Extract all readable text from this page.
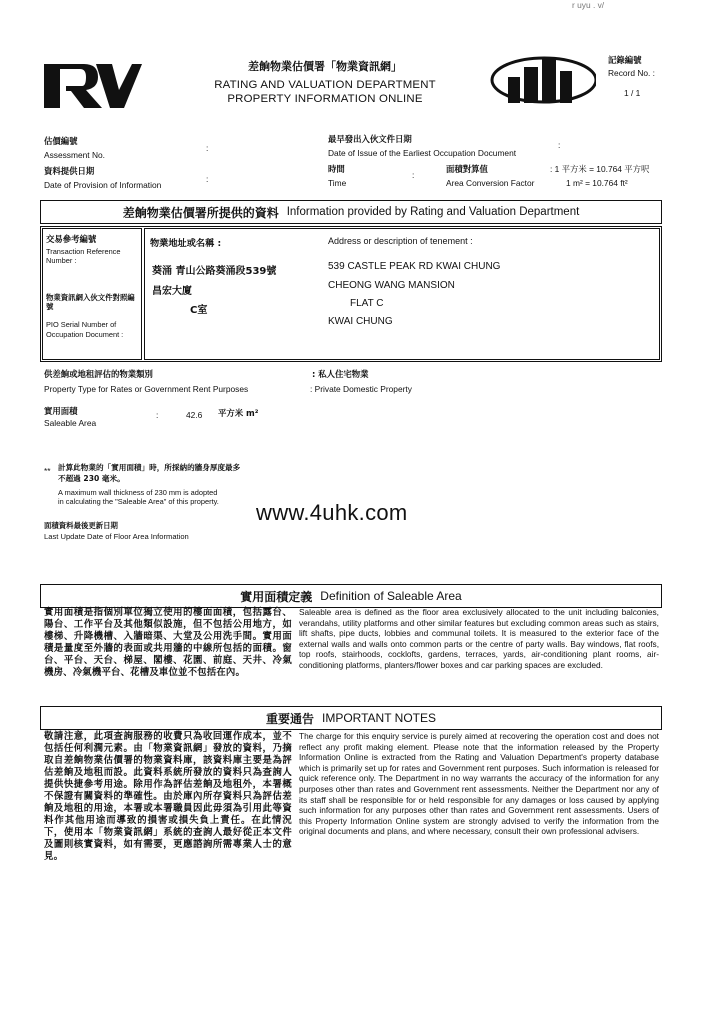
r uyu . v/
差餉物業估價署「物業資訊網」
RATING AND VALUATION DEPARTMENT
PROPERTY INFORMATION ONLINE
記錄編號
Record No. :
1 / 1
估價編號
Assessment No.
:
資料提供日期
Date of Provision of Information
:
最早發出入伙文件日期
Date of Issue of the Earliest Occupation Document
:
時間
Time
:
面積對算值
Area Conversion Factor
: 1 平方米 = 10.764 平方呎
1 m² = 10.764 ft²
差餉物業估價署所提供的資料 Information provided by Rating and Valuation Department
交易參考編號
Transaction Reference Number :
物業資訊網入伙文件對照編號
PIO Serial Number of Occupation Document :
物業地址或名稱 :	Address or description of tenement :
葵涌 青山公路葵涌段539號
昌宏大廈
C室
539 CASTLE PEAK RD KWAI CHUNG
CHEONG WANG MANSION
FLAT C
KWAI CHUNG
供差餉或地租評估的物業類別
Property Type for Rates or Government Rent Purposes
: 私人住宅物業
: Private Domestic Property
實用面積
Saleable Area
:	42.6 平方米 m²
** 計算此物業的「實用面積」時，所採納的牆身厚度最多
不超過 230 毫米。
A maximum wall thickness of 230 mm is adopted
in calculating the "Saleable Area" of this property. www.4uhk.com
面積資料最後更新日期
Last Update Date of Floor Area Information
實用面積定義 Definition of Saleable Area
實用面積是指個別單位獨立使用的樓面面積，包括露台、陽台、工作平台及其他類似設施，但不包括公用地方，如樓梯、升降機槽、入牆暗渠、大堂及公用洗手間。實用面積是量度至外牆的表面或共用牆的中線所包括的面積。窗台、平台、天台、梯屋、閣樓、花園、前庭、天井、冷氣機房、冷氣機平台、花槽及車位並不包括在內。
Saleable area is defined as the floor area exclusively allocated to the unit including balconies, verandahs, utility platforms and other similar features but excluding common areas such as stairs, lift shafts, pipe ducts, lobbies and communal toilets. It is measured to the exterior face of the external walls and walls onto common parts or the centre of party walls. Bay windows, flat roofs, top roofs, stairhoods, cocklofts, gardens, terraces, yards, air-conditioning plant rooms, air-conditioning platforms, planters/flower boxes and car parking spaces are excluded.
重要通告 IMPORTANT NOTES
敬請注意，此項查詢服務的收費只為收回運作成本，並不包括任何利潤元素。由「物業資訊網」發放的資料，乃摘取自差餉物業估價署的物業資料庫，該資料庫主要是為評估差餉及地租而設。此資料系統所發放的資料只為查詢人提供快捷參考用途。除用作為評估差餉及地租外，本署概不保證有關資料的準確性。由於庫內所存資料只為評估差餉及地租的用途，本署或本署職員因此毋須為引用此等資料作其他用途而導致的損害或損失負上責任。在此情況下，使用本「物業資訊網」系統的查詢人最好從正本文件及圖則核實資料，如有需要，更應諮詢所需專業人士的意見。
The charge for this enquiry service is purely aimed at recovering the operation cost and does not reflect any profit making element. Please note that the information released by the Property Information Online is extracted from the Rating and Valuation Department's property database which is primarily set up for rates and Government rent purposes. Such information is released for quick reference only. The Department in no way warrants the accuracy of the information for any purposes other than rates and Government rent assessments. Neither the Department nor any of its staff shall be responsible for or held responsible for any damages or loss caused by applying such information for any purposes other than rates and Government rent assessments. Users of this Property Information Online system are strongly advised to verify the information from the original documents and plans, and where necessary, consult their own professional advisers.
